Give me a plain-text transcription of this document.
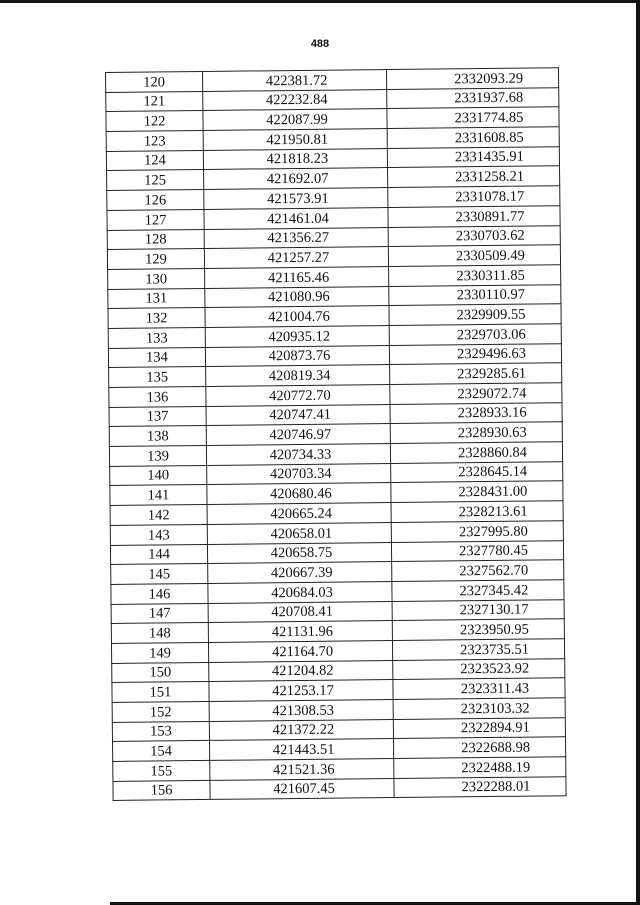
488
120	422381.72	2332093.29
121	422232.84	2331937.68
122	422087.99	2331774.85
123	421950.81	2331608.85
124	421818.23	2331435.91
125	421692.07	2331258.21
126	421573.91	2331078.17
127	421461.04	2330891.77
128	421356.27	2330703.62
129	421257.27	2330509.49
130	421165.46	2330311.85
131	421080.96	2330110.97
132	421004.76	2329909.55
133	420935.12	2329703.06
134	420873.76	2329496.63
135	420819.34	2329285.61
136	420772.70	2329072.74
137	420747.41	2328933.16
138	420746.97	2328930.63
139	420734.33	2328860.84
140	420703.34	2328645.14
141	420680.46	2328431.00
142	420665.24	2328213.61
143	420658.01	2327995.80
144	420658.75	2327780.45
145	420667.39	2327562.70
146	420684.03	2327345.42
147	420708.41	2327130.17
148	421131.96	2323950.95
149	421164.70	2323735.51
150	421204.82	2323523.92
151	421253.17	2323311.43
152	421308.53	2323103.32
153	421372.22	2322894.91
154	421443.51	2322688.98
155	421521.36	2322488.19
156	421607.45	2322288.01
